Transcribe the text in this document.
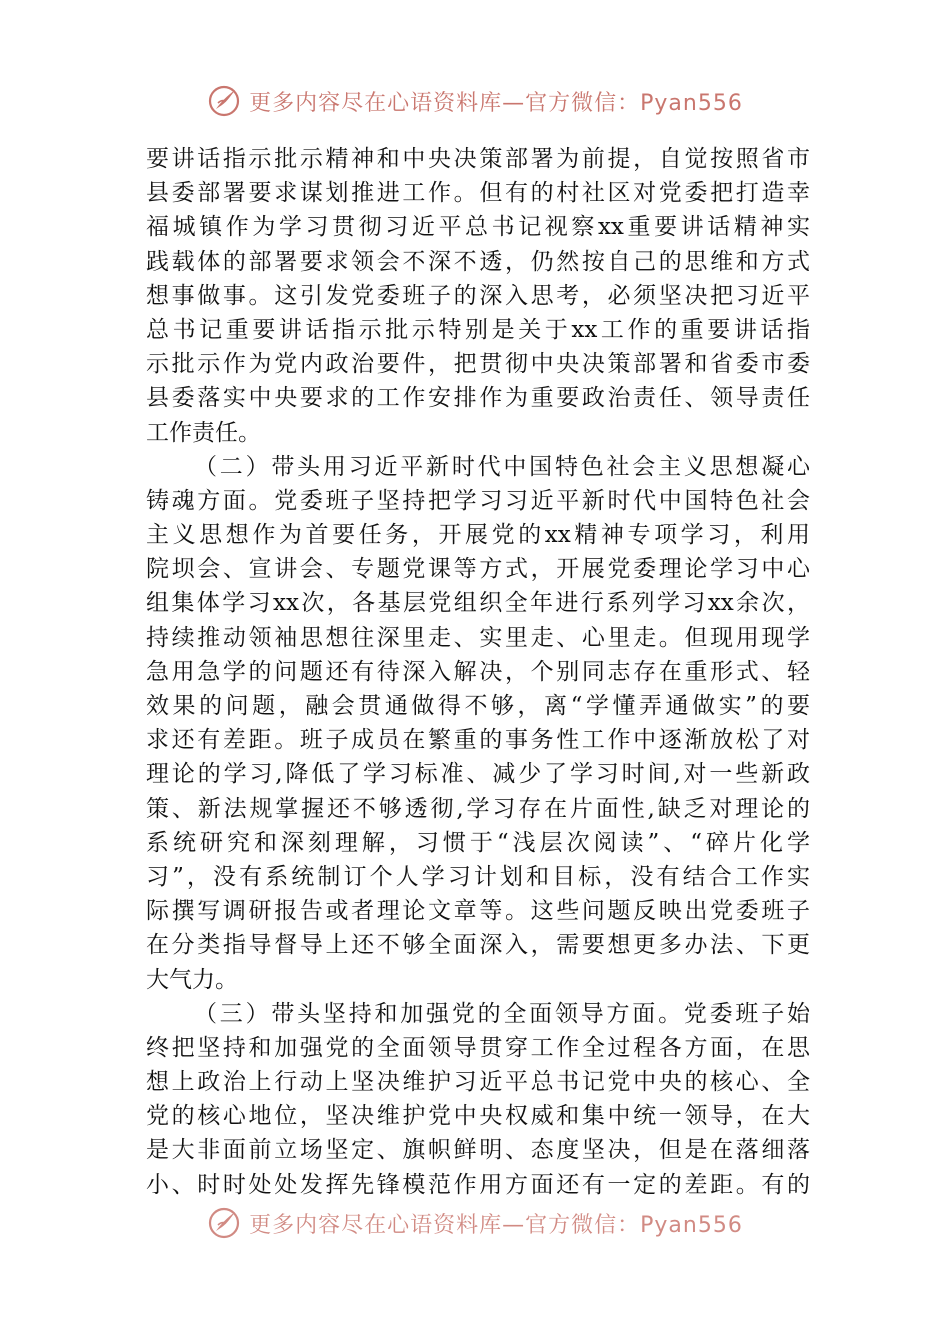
更多内容尽在心语资料库—官方微信：Pyan556
要讲话指示批示精神和中央决策部署为前提，自觉按照省市
县委部署要求谋划推进工作。但有的村社区对党委把打造幸
福城镇作为学习贯彻习近平总书记视察xx重要讲话精神实
践载体的部署要求领会不深不透，仍然按自己的思维和方式
想事做事。这引发党委班子的深入思考，必须坚决把习近平
总书记重要讲话指示批示特别是关于xx工作的重要讲话指
示批示作为党内政治要件，把贯彻中央决策部署和省委市委
县委落实中央要求的工作安排作为重要政治责任、领导责任
工作责任。
（二）带头用习近平新时代中国特色社会主义思想凝心
铸魂方面。党委班子坚持把学习习近平新时代中国特色社会
主义思想作为首要任务，开展党的xx精神专项学习，利用
院坝会、宣讲会、专题党课等方式，开展党委理论学习中心
组集体学习xx次，各基层党组织全年进行系列学习xx余次，
持续推动领袖思想往深里走、实里走、心里走。但现用现学
急用急学的问题还有待深入解决，个别同志存在重形式、轻
效果的问题，融会贯通做得不够，离“学懂弄通做实”的要
求还有差距。班子成员在繁重的事务性工作中逐渐放松了对
理论的学习,降低了学习标准、减少了学习时间,对一些新政
策、新法规掌握还不够透彻,学习存在片面性,缺乏对理论的
系统研究和深刻理解，习惯于“浅层次阅读”、“碎片化学
习”，没有系统制订个人学习计划和目标，没有结合工作实
际撰写调研报告或者理论文章等。这些问题反映出党委班子
在分类指导督导上还不够全面深入，需要想更多办法、下更
大气力。
（三）带头坚持和加强党的全面领导方面。党委班子始
终把坚持和加强党的全面领导贯穿工作全过程各方面，在思
想上政治上行动上坚决维护习近平总书记党中央的核心、全
党的核心地位，坚决维护党中央权威和集中统一领导，在大
是大非面前立场坚定、旗帜鲜明、态度坚决，但是在落细落
小、时时处处发挥先锋模范作用方面还有一定的差距。有的
更多内容尽在心语资料库—官方微信：Pyan556
